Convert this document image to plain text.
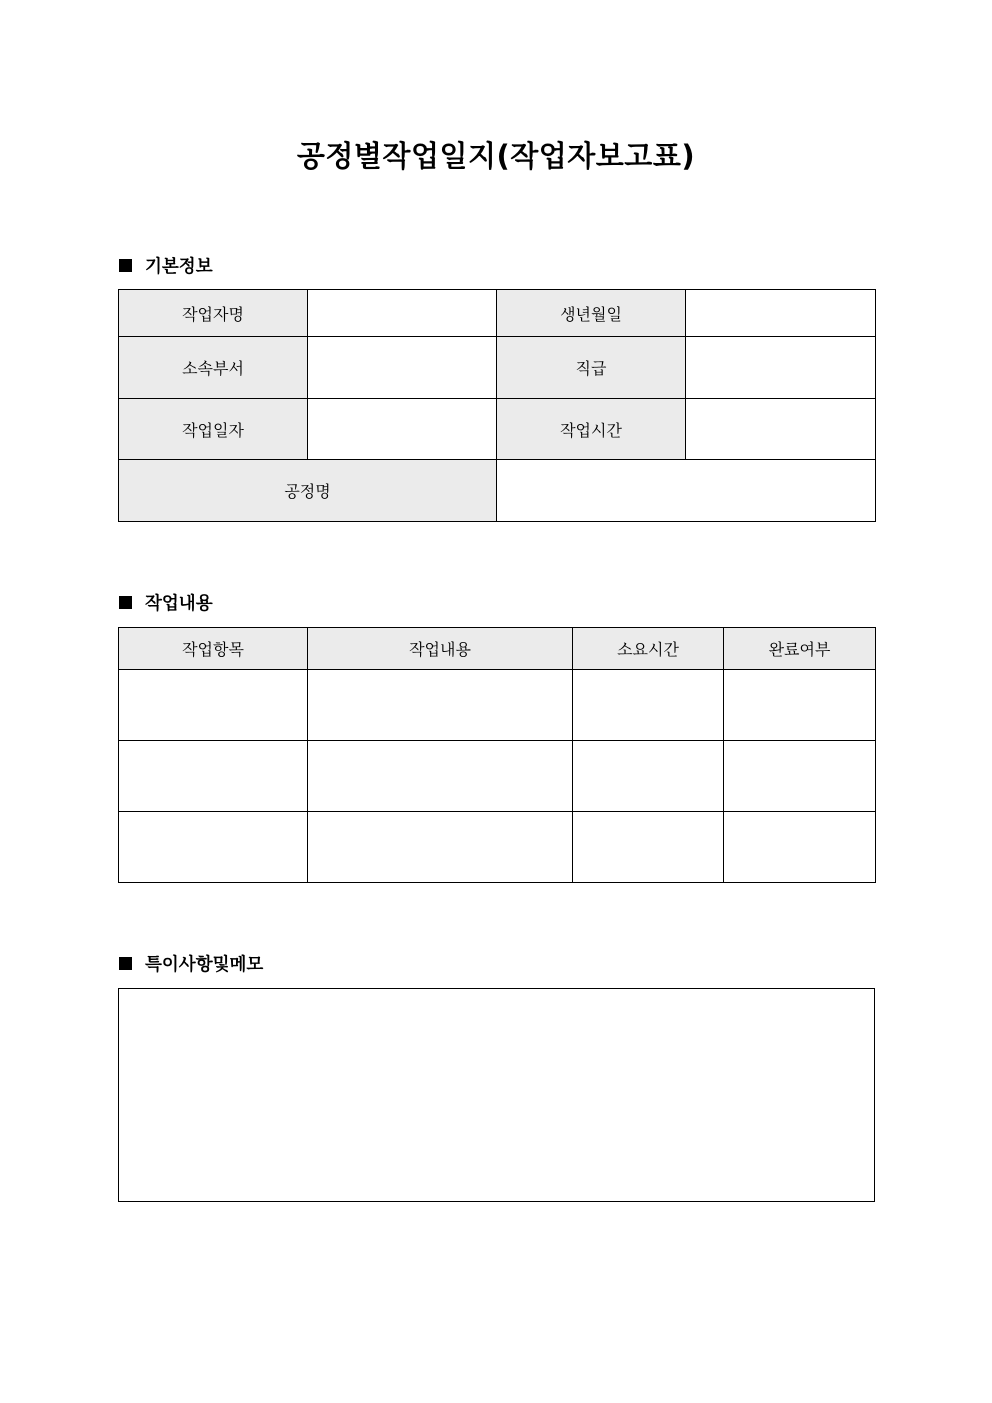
공정별작업일지(작업자보고표)
기본정보
작업자명		생년월일	
소속부서		직급	
작업일자		작업시간	
공정명			
작업내용
작업항목	작업내용	소요시간	완료여부

특이사항및메모
